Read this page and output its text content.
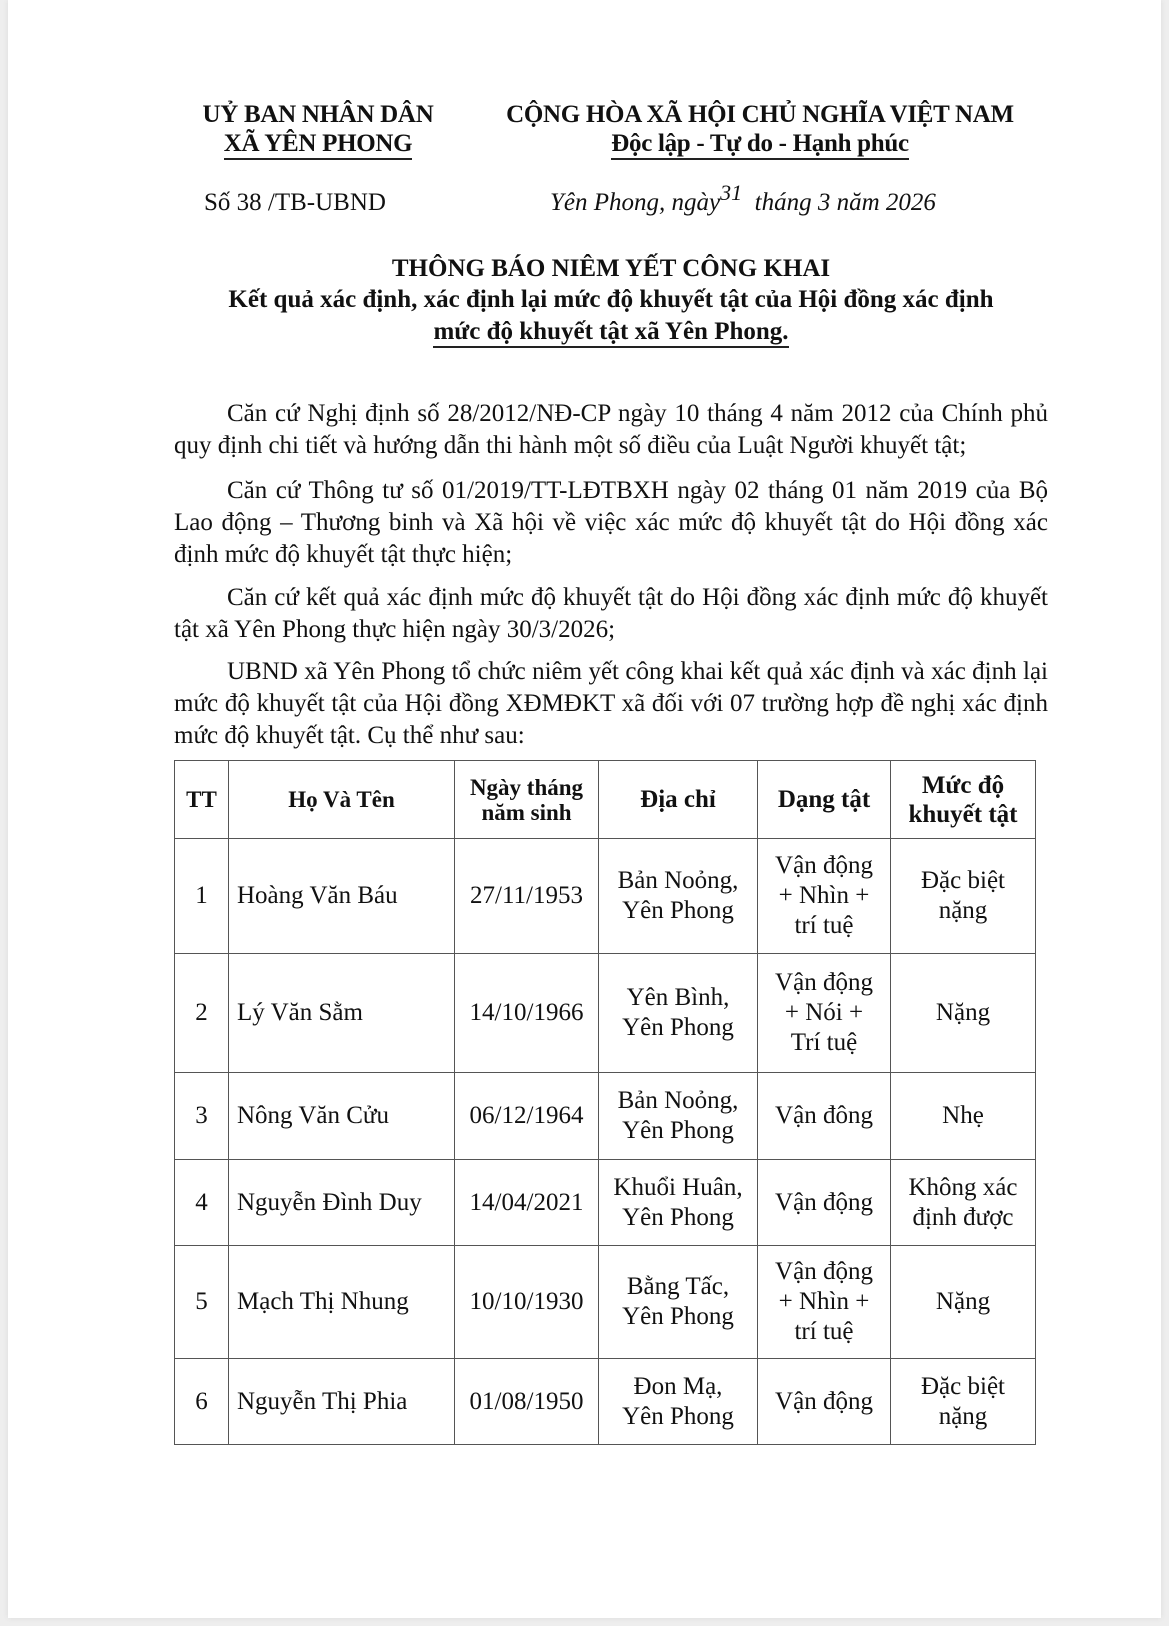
UỶ BAN NHÂN DÂN
XÃ YÊN PHONG
Số 38 /TB-UBND
CỘNG HÒA XÃ HỘI CHỦ NGHĨA VIỆT NAM
Độc lập - Tự do - Hạnh phúc
Yên Phong, ngày31 tháng 3 năm 2026
THÔNG BÁO NIÊM YẾT CÔNG KHAI
Kết quả xác định, xác định lại mức độ khuyết tật của Hội đồng xác định
mức độ khuyết tật xã Yên Phong.
Căn cứ Nghị định số 28/2012/NĐ-CP ngày 10 tháng 4 năm 2012 của Chính phủ quy định chi tiết và hướng dẫn thi hành một số điều của Luật Người khuyết tật;
Căn cứ Thông tư số 01/2019/TT-LĐTBXH ngày 02 tháng 01 năm 2019 của Bộ Lao động – Thương binh và Xã hội về việc xác mức độ khuyết tật do Hội đồng xác định mức độ khuyết tật thực hiện;
Căn cứ kết quả xác định mức độ khuyết tật do Hội đồng xác định mức độ khuyết tật xã Yên Phong thực hiện ngày 30/3/2026;
UBND xã Yên Phong tổ chức niêm yết công khai kết quả xác định và xác định lại mức độ khuyết tật của Hội đồng XĐMĐKT xã đối với 07 trường hợp đề nghị xác định mức độ khuyết tật. Cụ thể như sau:
TT	Họ Và Tên	Ngày tháng
năm sinh	Địa chỉ	Dạng tật	Mức độ
khuyết tật

1	Hoàng Văn Báu	27/11/1953	Bản Noỏng,
Yên Phong	Vận động
+ Nhìn +
trí tuệ	Đặc biệt
nặng

2	Lý Văn Sằm	14/10/1966	Yên Bình,
Yên Phong	Vận động
+ Nói +
Trí tuệ	Nặng

3	Nông Văn Cửu	06/12/1964	Bản Noỏng,
Yên Phong	Vận đông	Nhẹ

4	Nguyễn Đình Duy	14/04/2021	Khuổi Huân,
Yên Phong	Vận động	Không xác
định được

5	Mạch Thị Nhung	10/10/1930	Bằng Tấc,
Yên Phong	Vận động
+ Nhìn +
trí tuệ	Nặng

6	Nguyễn Thị Phia	01/08/1950	Đon Mạ,
Yên Phong	Vận động	Đặc biệt
nặng
